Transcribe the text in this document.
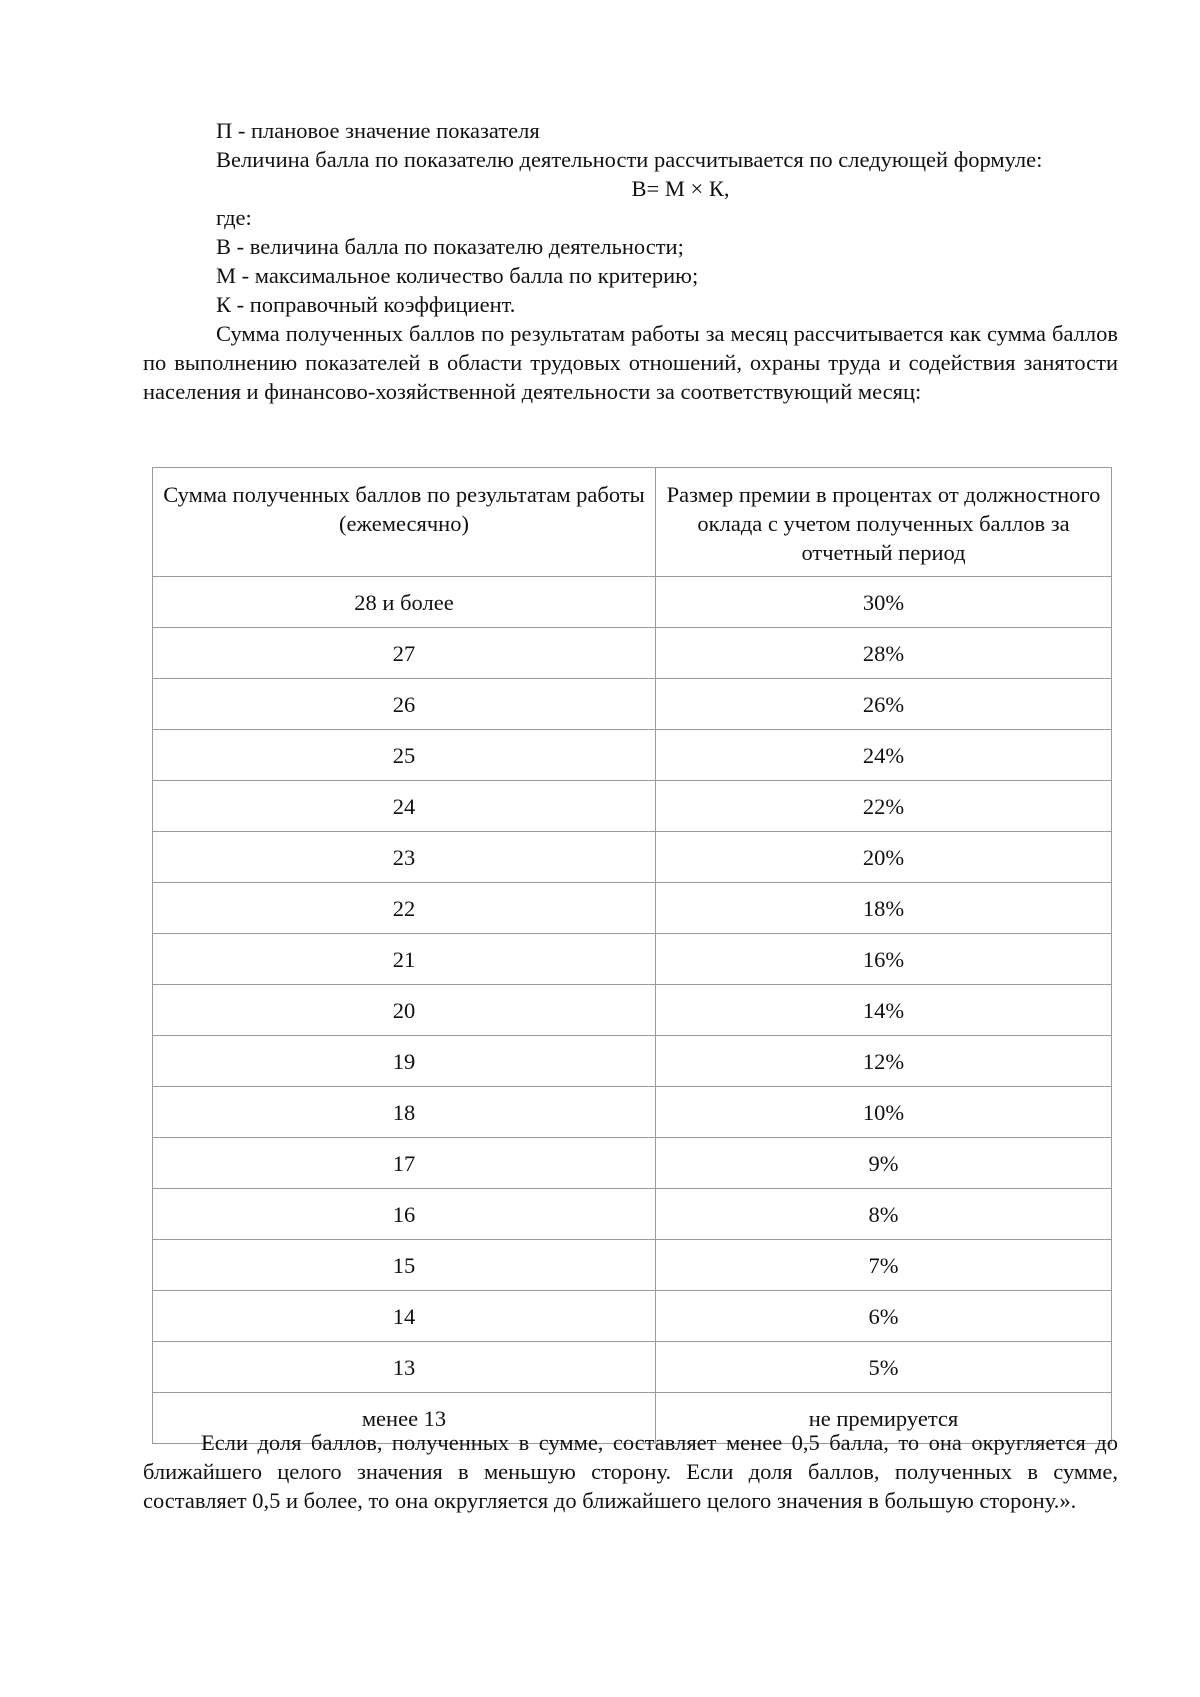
П - плановое значение показателя

Величина балла по показателю деятельности рассчитывается по следующей формуле:

В= М × К,

где:

В - величина балла по показателю деятельности;

М - максимальное количество балла по критерию;

К - поправочный коэффициент.

Сумма полученных баллов по результатам работы за месяц рассчитывается как сумма баллов по выполнению показателей в области трудовых отношений, охраны труда и содействия занятости населения и финансово-хозяйственной деятельности за соответствующий месяц:

Сумма полученных баллов по результатам работы (ежемесячно)	Размер премии в процентах от должностного оклада с учетом полученных баллов за отчетный период
28 и более	30%
27	28%
26	26%
25	24%
24	22%
23	20%
22	18%
21	16%
20	14%
19	12%
18	10%
17	9%
16	8%
15	7%
14	6%
13	5%
менее 13	не премируется

Если доля баллов, полученных в сумме, составляет менее 0,5 балла, то она округляется до ближайшего целого значения в меньшую сторону. Если доля баллов, полученных в сумме, составляет 0,5 и более, то она округляется до ближайшего целого значения в большую сторону.».
